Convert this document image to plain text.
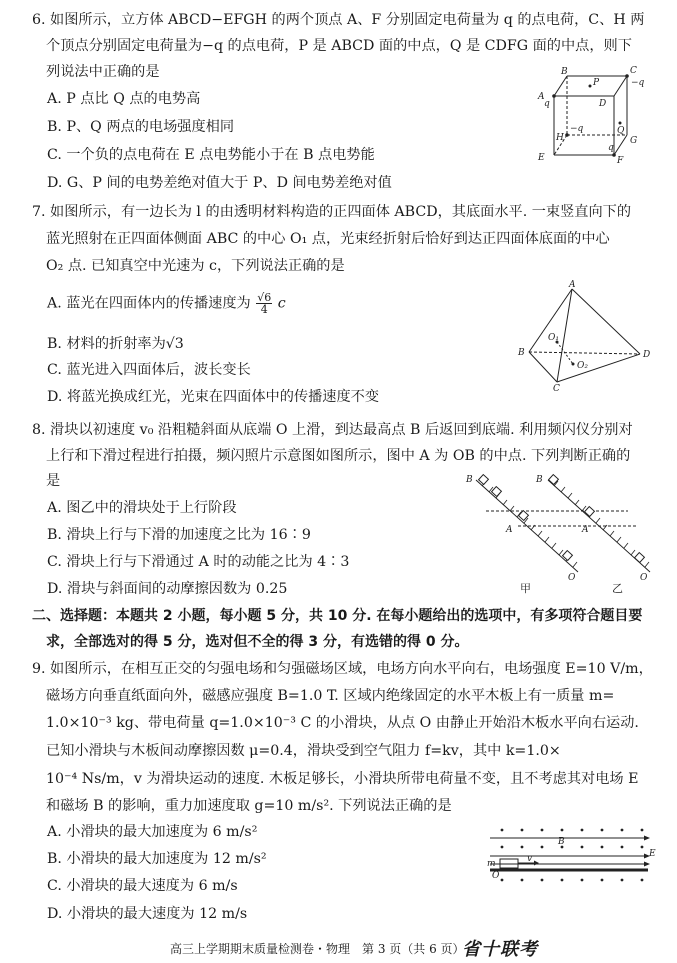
6. 如图所示，立方体 ABCD−EFGH 的两个顶点 A、F 分别固定电荷量为 q 的点电荷，C、H 两
个顶点分别固定电荷量为−q 的点电荷，P 是 ABCD 面的中点，Q 是 CDFG 面的中点，则下
列说法中正确的是
A. P 点比 Q 点的电势高
B. P、Q 两点的电场强度相同
C. 一个负的点电荷在 E 点电势能小于在 B 点电势能
D. G、P 间的电势差绝对值大于 P、D 间电势差绝对值
B	C
−q
A
q	D
P
Q
H
−q
G
E	F
q
7. 如图所示，有一边长为 l 的由透明材料构造的正四面体 ABCD，其底面水平. 一束竖直向下的
蓝光照射在正四面体侧面 ABC 的中心 O₁ 点，光束经折射后恰好到达正四面体底面的中心
O₂ 点. 已知真空中光速为 c，下列说法正确的是
A. 蓝光在四面体内的传播速度为 $\frac{√6}{4}$ c
B. 材料的折射率为√3
C. 蓝光进入四面体后，波长变长
D. 将蓝光换成红光，光束在四面体中的传播速度不变
A
B
C
D
O₁
O₂
8. 滑块以初速度 v₀ 沿粗糙斜面从底端 O 上滑，到达最高点 B 后返回到底端. 利用频闪仪分别对
上行和下滑过程进行拍摄，频闪照片示意图如图所示，图中 A 为 OB 的中点. 下列判断正确的
是
A. 图乙中的滑块处于上行阶段
B. 滑块上行与下滑的加速度之比为 16∶9
C. 滑块上行与下滑通过 A 时的动能之比为 4∶3
D. 滑块与斜面间的动摩擦因数为 0.25
B
A
O
B
A
O
甲	乙
二、选择题：本题共 2 小题，每小题 5 分，共 10 分. 在每小题给出的选项中，有多项符合题目要
求，全部选对的得 5 分，选对但不全的得 3 分，有选错的得 0 分。
9. 如图所示，在相互正交的匀强电场和匀强磁场区域，电场方向水平向右，电场强度 E=10 V/m，
磁场方向垂直纸面向外，磁感应强度 B=1.0 T. 区域内绝缘固定的水平木板上有一质量 m=
1.0×10⁻³ kg、带电荷量 q=1.0×10⁻³ C 的小滑块，从点 O 由静止开始沿木板水平向右运动.
已知小滑块与木板间动摩擦因数 μ=0.4，滑块受到空气阻力 f=kv，其中 k=1.0×
10⁻⁴ Ns/m，v 为滑块运动的速度. 木板足够长，小滑块所带电荷量不变，且不考虑其对电场 E
和磁场 B 的影响，重力加速度取 g=10 m/s². 下列说法正确的是
A. 小滑块的最大加速度为 6 m/s²
B. 小滑块的最大加速度为 12 m/s²
C. 小滑块的最大速度为 6 m/s
D. 小滑块的最大速度为 12 m/s
B
E
m	v
O
高三上学期期末质量检测卷・物理　第 3 页（共 6 页）
省十联考
